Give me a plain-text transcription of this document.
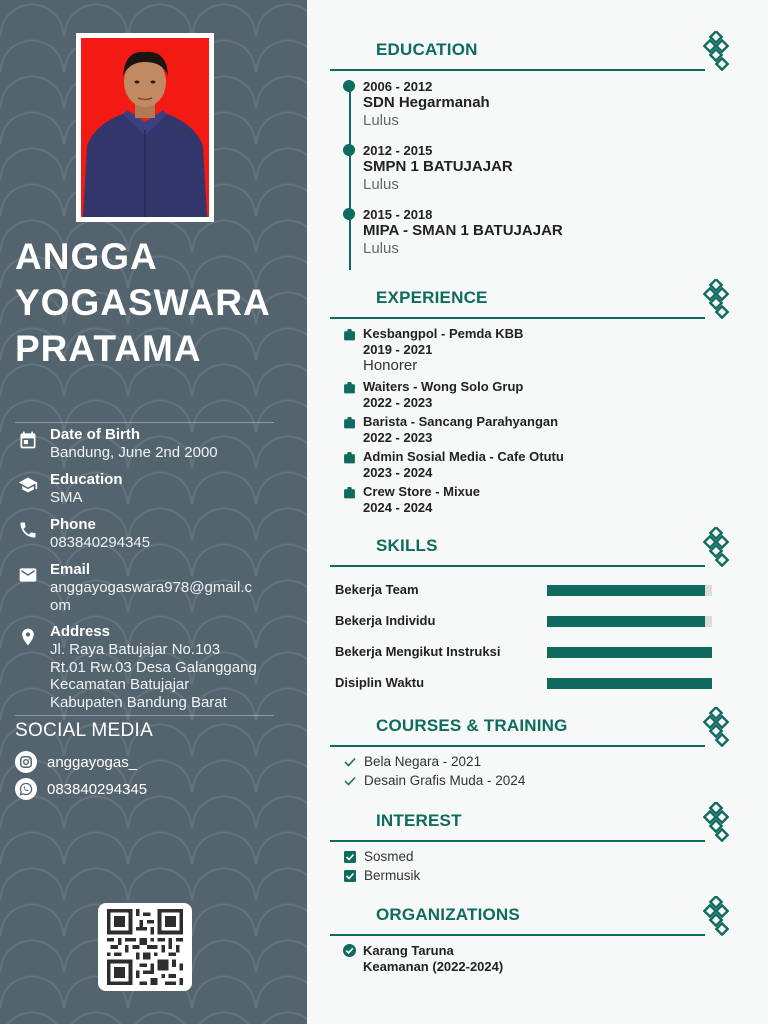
ANGGA
YOGASWARA
PRATAMA
Date of Birth
Bandung, June 2nd 2000
Education
SMA
Phone
083840294345
Email
anggayogaswara978@gmail.c
om
Address
Jl. Raya Batujajar No.103
Rt.01 Rw.03 Desa Galanggang
Kecamatan Batujajar
Kabupaten Bandung Barat
SOCIAL MEDIA
anggayogas_
083840294345
EDUCATION
2006 - 2012
SDN Hegarmanah
Lulus
2012 - 2015
SMPN 1 BATUJAJAR
Lulus
2015 - 2018
MIPA - SMAN 1 BATUJAJAR
Lulus
EXPERIENCE
Kesbangpol - Pemda KBB
2019 - 2021
Honorer
Waiters - Wong Solo Grup
2022 - 2023
Barista - Sancang Parahyangan
2022 - 2023
Admin Sosial Media - Cafe Otutu
2023 - 2024
Crew Store - Mixue
2024 - 2024
SKILLS
Bekerja Team
Bekerja Individu
Bekerja Mengikut Instruksi
Disiplin Waktu
COURSES & TRAINING
Bela Negara - 2021
Desain Grafis Muda - 2024
INTEREST
Sosmed
Bermusik
ORGANIZATIONS
Karang Taruna
Keamanan (2022-2024)
